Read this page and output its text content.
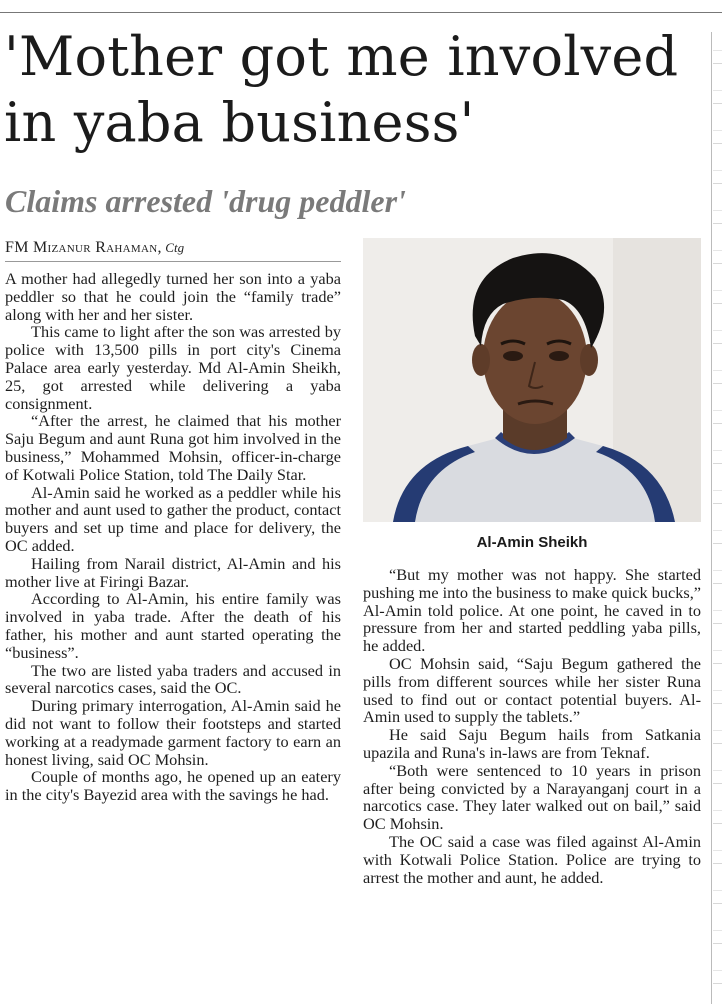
'Mother got me involved
in yaba business'
Claims arrested 'drug peddler'
FM Mizanur Rahaman, Ctg

A mother had allegedly turned her son into a yaba peddler so that he could join the “family trade” along with her and her sister.

This came to light after the son was arrested by police with 13,500 pills in port city's Cinema Palace area early yesterday. Md Al-Amin Sheikh, 25, got arrested while delivering a yaba consignment.

“After the arrest, he claimed that his mother Saju Begum and aunt Runa got him involved in the business,” Mohammed Mohsin, officer-in-charge of Kotwali Police Station, told The Daily Star.

Al-Amin said he worked as a peddler while his mother and aunt used to gather the product, contact buyers and set up time and place for delivery, the OC added.

Hailing from Narail district, Al-Amin and his mother live at Firingi Bazar.

According to Al-Amin, his entire family was involved in yaba trade. After the death of his father, his mother and aunt started operating the “business”.

The two are listed yaba traders and accused in several narcotics cases, said the OC.

During primary interrogation, Al-Amin said he did not want to follow their footsteps and started working at a readymade garment factory to earn an honest living, said OC Mohsin.

Couple of months ago, he opened up an eatery in the city's Bayezid area with the savings he had.

Al-Amin Sheikh

“But my mother was not happy. She started pushing me into the business to make quick bucks,” Al-Amin told police. At one point, he caved in to pressure from her and started peddling yaba pills, he added.

OC Mohsin said, “Saju Begum gathered the pills from different sources while her sister Runa used to find out or contact potential buyers. Al-Amin used to supply the tablets.”

He said Saju Begum hails from Satkania upazila and Runa's in-laws are from Teknaf.

“Both were sentenced to 10 years in prison after being convicted by a Narayanganj court in a narcotics case. They later walked out on bail,” said OC Mohsin.

The OC said a case was filed against Al-Amin with Kotwali Police Station. Police are trying to arrest the mother and aunt, he added.
